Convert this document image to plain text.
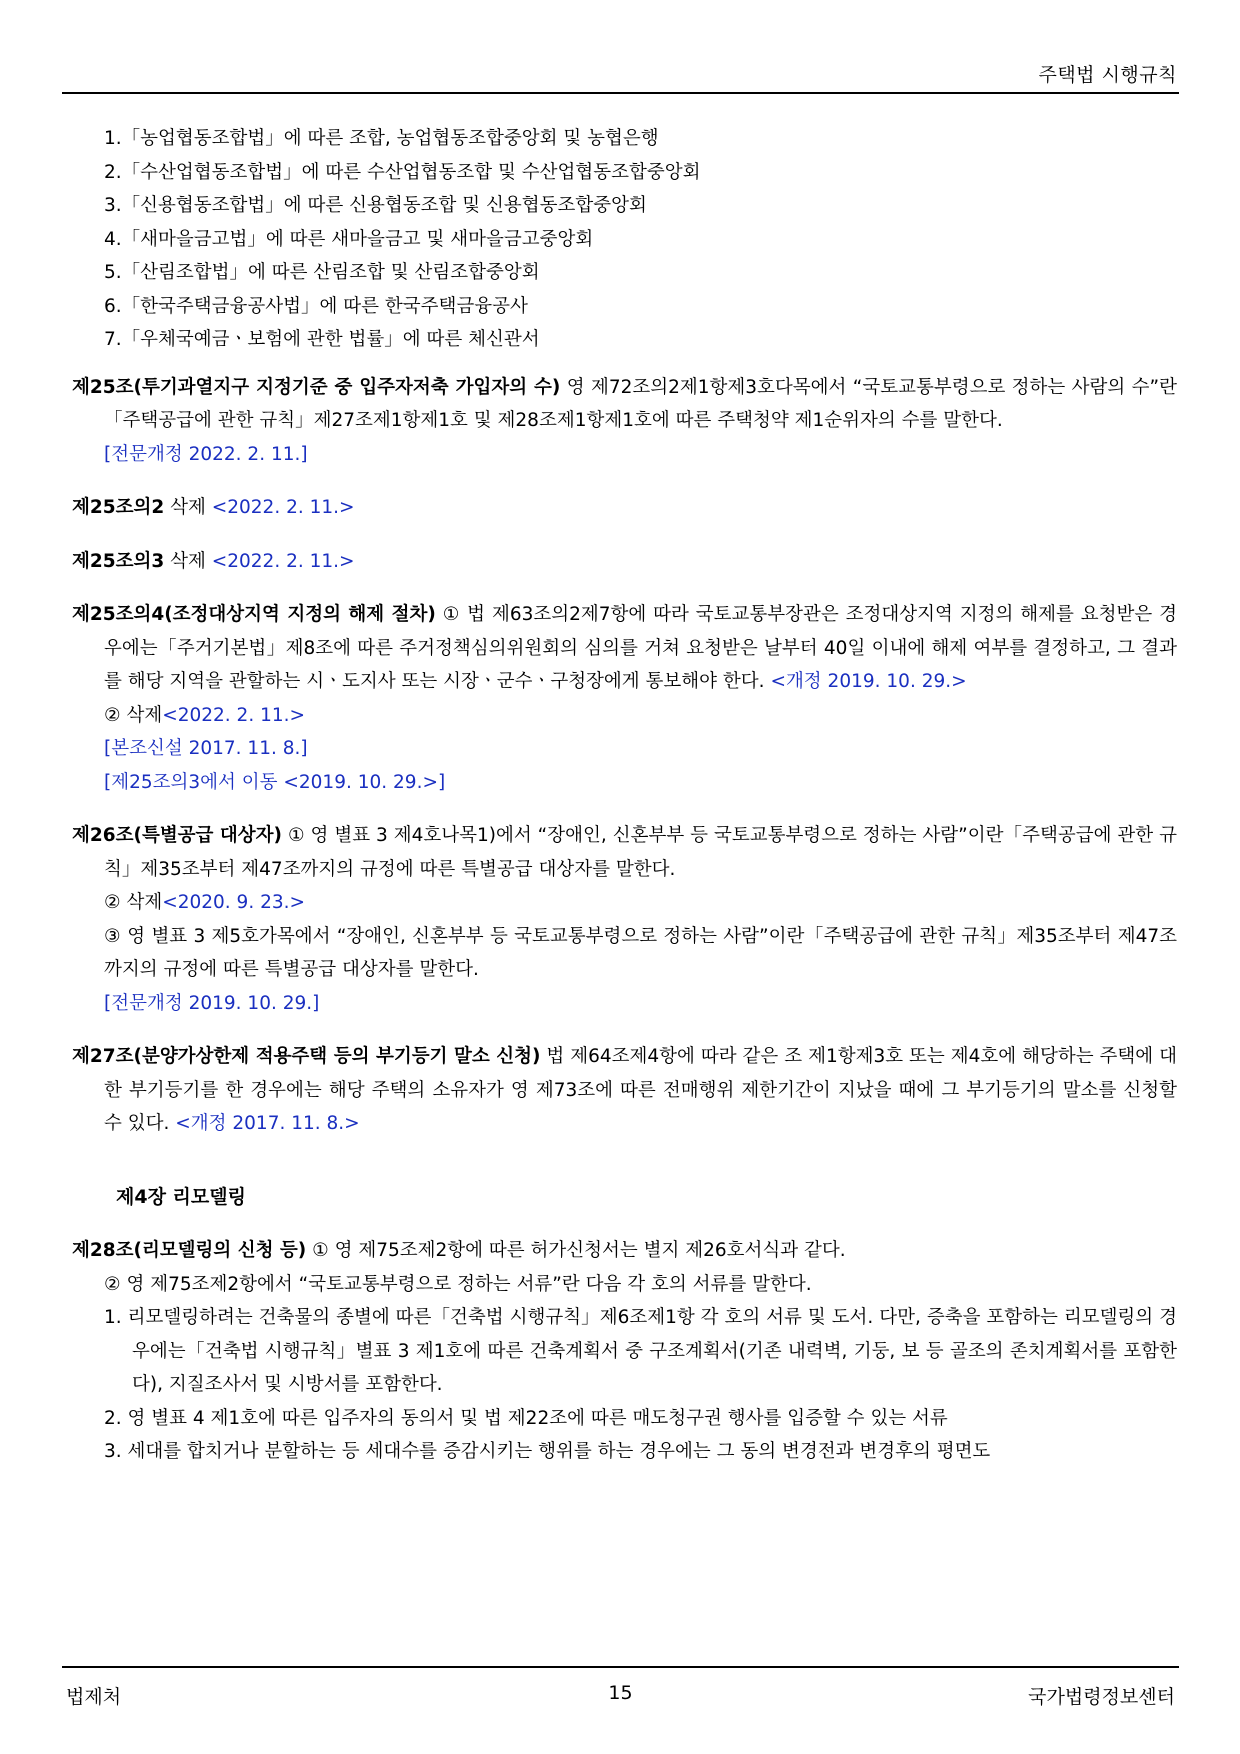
주택법 시행규칙
1.「농업협동조합법」에 따른 조합, 농업협동조합중앙회 및 농협은행
2.「수산업협동조합법」에 따른 수산업협동조합 및 수산업협동조합중앙회
3.「신용협동조합법」에 따른 신용협동조합 및 신용협동조합중앙회
4.「새마을금고법」에 따른 새마을금고 및 새마을금고중앙회
5.「산림조합법」에 따른 산림조합 및 산림조합중앙회
6.「한국주택금융공사법」에 따른 한국주택금융공사
7.「우체국예금ㆍ보험에 관한 법률」에 따른 체신관서
제25조(투기과열지구 지정기준 중 입주자저축 가입자의 수) 영 제72조의2제1항제3호다목에서 “국토교통부령으로 정하는 사람의 수”란「주택공급에 관한 규칙」제27조제1항제1호 및 제28조제1항제1호에 따른 주택청약 제1순위자의 수를 말한다.
[전문개정 2022. 2. 11.]
제25조의2 삭제 <2022. 2. 11.>
제25조의3 삭제 <2022. 2. 11.>
제25조의4(조정대상지역 지정의 해제 절차) ① 법 제63조의2제7항에 따라 국토교통부장관은 조정대상지역 지정의 해제를 요청받은 경우에는「주거기본법」제8조에 따른 주거정책심의위원회의 심의를 거쳐 요청받은 날부터 40일 이내에 해제 여부를 결정하고, 그 결과를 해당 지역을 관할하는 시ㆍ도지사 또는 시장ㆍ군수ㆍ구청장에게 통보해야 한다. <개정 2019. 10. 29.>
② 삭제<2022. 2. 11.>
[본조신설 2017. 11. 8.]
[제25조의3에서 이동 <2019. 10. 29.>]
제26조(특별공급 대상자) ① 영 별표 3 제4호나목1)에서 “장애인, 신혼부부 등 국토교통부령으로 정하는 사람”이란「주택공급에 관한 규칙」제35조부터 제47조까지의 규정에 따른 특별공급 대상자를 말한다.
② 삭제<2020. 9. 23.>
③ 영 별표 3 제5호가목에서 “장애인, 신혼부부 등 국토교통부령으로 정하는 사람”이란「주택공급에 관한 규칙」제35조부터 제47조까지의 규정에 따른 특별공급 대상자를 말한다.
[전문개정 2019. 10. 29.]
제27조(분양가상한제 적용주택 등의 부기등기 말소 신청) 법 제64조제4항에 따라 같은 조 제1항제3호 또는 제4호에 해당하는 주택에 대한 부기등기를 한 경우에는 해당 주택의 소유자가 영 제73조에 따른 전매행위 제한기간이 지났을 때에 그 부기등기의 말소를 신청할 수 있다. <개정 2017. 11. 8.>
제4장 리모델링
제28조(리모델링의 신청 등) ① 영 제75조제2항에 따른 허가신청서는 별지 제26호서식과 같다.
② 영 제75조제2항에서 “국토교통부령으로 정하는 서류”란 다음 각 호의 서류를 말한다.
1. 리모델링하려는 건축물의 종별에 따른「건축법 시행규칙」제6조제1항 각 호의 서류 및 도서. 다만, 증축을 포함하는 리모델링의 경우에는「건축법 시행규칙」별표 3 제1호에 따른 건축계획서 중 구조계획서(기존 내력벽, 기둥, 보 등 골조의 존치계획서를 포함한다), 지질조사서 및 시방서를 포함한다.
2. 영 별표 4 제1호에 따른 입주자의 동의서 및 법 제22조에 따른 매도청구권 행사를 입증할 수 있는 서류
3. 세대를 합치거나 분할하는 등 세대수를 증감시키는 행위를 하는 경우에는 그 동의 변경전과 변경후의 평면도
법제처	15	국가법령정보센터
